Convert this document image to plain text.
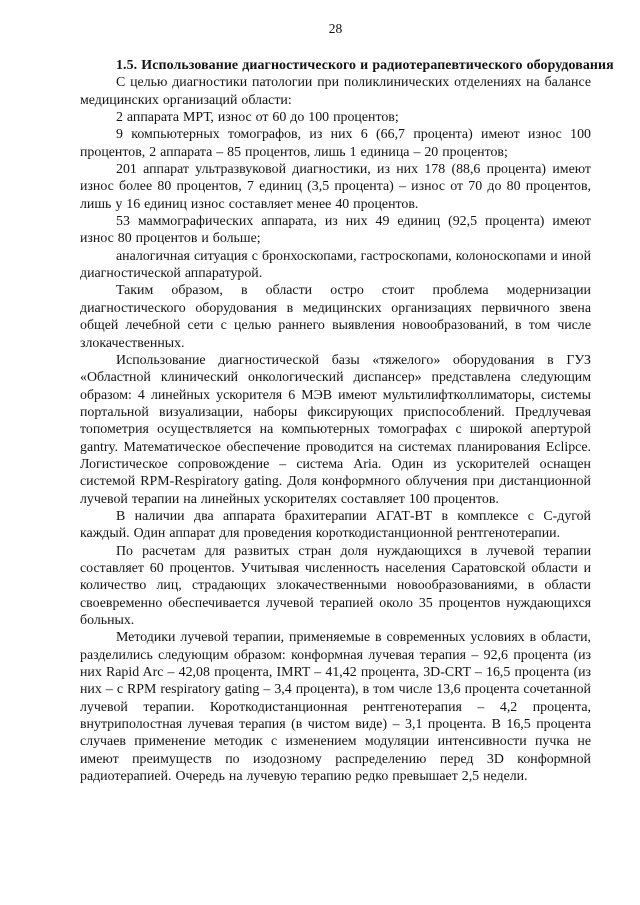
28

1.5. Использование диагностического и радиотерапевтического оборудования

С целью диагностики патологии при поликлинических отделениях на балансе медицинских организаций области:

2 аппарата МРТ, износ от 60 до 100 процентов;

9 компьютерных томографов, из них 6 (66,7 процента) имеют износ 100 процентов, 2 аппарата – 85 процентов, лишь 1 единица – 20 процентов;

201 аппарат ультразвуковой диагностики, из них 178 (88,6 процента) имеют износ более 80 процентов, 7 единиц (3,5 процента) – износ от 70 до 80 процентов, лишь у 16 единиц износ составляет менее 40 процентов.

53 маммографических аппарата, из них 49 единиц (92,5 процента) имеют износ 80 процентов и больше;

аналогичная ситуация с бронхоскопами, гастроскопами, колоноскопами и иной диагностической аппаратурой.

Таким образом, в области остро стоит проблема модернизации диагностического оборудования в медицинских организациях первичного звена общей лечебной сети с целью раннего выявления новообразований, в том числе злокачественных.

Использование диагностической базы «тяжелого» оборудования в ГУЗ «Областной клинический онкологический диспансер» представлена следующим образом: 4 линейных ускорителя 6 МЭВ имеют мультилифтколлиматоры, системы портальной визуализации, наборы фиксирующих приспособлений. Предлучевая топометрия осуществляется на компьютерных томографах с широкой апертурой gantry. Математическое обеспечение проводится на системах планирования Eclipce. Логистическое сопровождение – система Aria. Один из ускорителей оснащен системой RPM-Respiratory gating. Доля конформного облучения при дистанционной лучевой терапии на линейных ускорителях составляет 100 процентов.

В наличии два аппарата брахитерапии АГАТ-ВТ в комплексе с С-дугой каждый. Один аппарат для проведения короткодистанционной рентгенотерапии.

По расчетам для развитых стран доля нуждающихся в лучевой терапии составляет 60 процентов. Учитывая численность населения Саратовской области и количество лиц, страдающих злокачественными новообразованиями, в области своевременно обеспечивается лучевой терапией около 35 процентов нуждающихся больных.

Методики лучевой терапии, применяемые в современных условиях в области, разделились следующим образом: конформная лучевая терапия – 92,6 процента (из них Rapid Arc – 42,08 процента, IMRT – 41,42 процента, 3D-CRT – 16,5 процента (из них – с RPM respiratory gating – 3,4 процента), в том числе 13,6 процента сочетанной лучевой терапии. Короткодистанционная рентгенотерапия – 4,2 процента, внутриполостная лучевая терапия (в чистом виде) – 3,1 процента. В 16,5 процента случаев применение методик с изменением модуляции интенсивности пучка не имеют преимуществ по изодозному распределению перед 3D конформной радиотерапией. Очередь на лучевую терапию редко превышает 2,5 недели.
